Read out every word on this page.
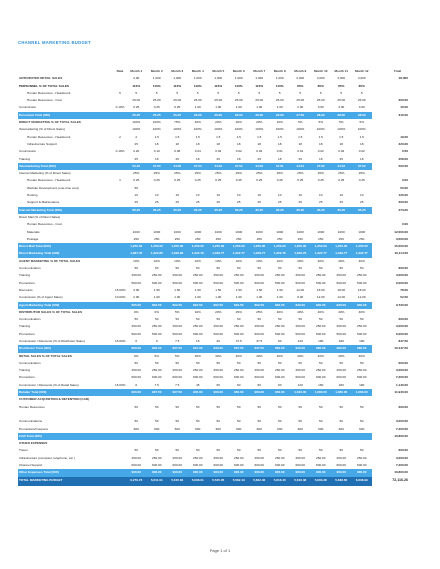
CHANNEL MARKETING BUDGET
	Rate	Month 1	Month 2	Month 3	Month 4	Month 5	Month 6	Month 7	Month 8	Month 9	Month 10	Month 11	Month 12	Total
ANTICIPATED RETAIL SALES		2,00	1,000	1,000	1,000	1,000	1,000	1,000	1,000	2,000	3,000	3,000	3,000	18,000
PERSONNEL % OF TOTAL SALES		116%	116%	116%	116%	116%	116%	116%	116%	85%	85%	85%	85%	
Human Resources - Headcount	5	5	5	5	5	5	5	5	5	5	5	5	5	
Human Resources - Cost		25.00	25.00	25.00	25.00	25.00	25.00	25.00	25.00	25.00	25.00	25.00	25.00	300.00
Commission	0.10%	0.25	0.25	0.25	1.00	1.00	1.00	1.00	1.00	2.00	3.00	3.00	3.00	16.00
Personnel Total (000)		25.25	25.25	25.25	26.00	26.00	26.00	26.00	26.00	27.00	28.00	28.00	28.00	316.00
DIRECT MARKETING % OF TOTAL SALES		100%	100%	75%	40%	20%	20%	20%	10%	5%	5%	5%	5%	
Telemarketing (% of Direct Sales)		100%	100%	100%	100%	100%	100%	100%	100%	100%	100%	100%	100%	
Human Resources - Headcount	2	2	1.5	1.5	1.5	1.5	1.5	1.5	1.5	1.5	1.5	1.5	1.5	19.00
Infrastructure Support		25	18	18	18	18	18	18	18	18	18	18	18	223.00
Commission	0.10%	0.20	0.10	0.08	0.04	0.02	0.02	0.02	0.01	0.01	0.02	0.02	0.02	0.56
Training		25	18	25	18	25	18	25	18	25	18	25	18	258.00
Telemarketing Total (000)		52.20	37.60	44.58	37.54	44.52	37.52	44.52	37.51	44.51	37.52	44.52	37.52	500.56
Internet Marketing (% of Direct Sales)		25%	25%	25%	25%	25%	25%	25%	25%	25%	25%	25%	25%	
Human Resources - Headcount	1	0.25	0.25	0.25	0.25	0.25	0.25	0.25	0.25	0.25	0.25	0.25	0.25	3.00
Website Development (one-time cost)		50												50.00
Hosting		10	10	10	10	10	10	10	10	10	10	10	10	120.00
Support & Maintenance		25	25	25	25	25	25	25	25	25	25	25	25	300.00
Internet Marketing Total (000)		85.25	35.25	35.25	35.25	35.25	35.25	35.25	35.25	35.25	35.25	35.25	35.25	473.00
Direct Mail (% of Direct Sales)														
Human Resources - Cost														0.00
Materials		1000	1000	1000	1000	1000	1000	1000	1000	1000	1000	1000	1000	12,000.00
Postage		250	250	250	250	250	250	250	250	250	250	250	250	3,000.00
Direct Mail Total (000)		1,250.00	1,250.00	1,250.00	1,250.00	1,250.00	1,250.00	1,250.00	1,250.00	1,250.00	1,250.00	1,250.00	1,250.00	15,000.00
Direct Marketing Total (000)		1,387.45	1,322.85	1,329.83	1,322.79	1,329.77	1,322.77	1,329.77	1,322.76	1,329.76	1,322.77	1,329.77	1,322.77	16,114.56
AGENT MARKETING % OF TOTAL SALES		10%	10%	10%	10%	10%	10%	10%	10%	40%	40%	40%	40%	
Communication		50	50	50	50	50	50	50	50	50	50	50	50	600.00
Training		250.00	250.00	250.00	250.00	250.00	250.00	250.00	250.00	250.00	250.00	250.00	250.00	3,000.00
Promotions		500.00	500.00	500.00	500.00	500.00	500.00	500.00	500.00	500.00	500.00	500.00	500.00	6,000.00
Discounts	15.00%	3.00	1.50	1.50	1.50	1.50	1.50	1.50	1.50	12.00	18.00	18.00	18.00	78.00
Commission (% of Agent Sales)	10.00%	2.00	1.00	1.00	1.00	1.00	1.00	1.00	1.00	8.00	12.00	12.00	12.00	52.00
Agent Marketing Total (000)		805.00	802.50	802.50	802.50	802.50	802.50	802.50	802.50	820.00	830.00	830.00	830.00	9,730.00
DISTRIBUTOR SALES % OF TOTAL SALES		0%	0%	5%	10%	20%	25%	25%	40%	40%	40%	40%	40%	
Communication		50	50	50	50	50	50	50	50	50	50	50	50	600.00
Training		250.00	250.00	250.00	250.00	250.00	250.00	250.00	250.00	250.00	250.00	250.00	250.00	3,000.00
Promotions		500.00	500.00	500.00	500.00	500.00	500.00	500.00	500.00	500.00	500.00	500.00	500.00	6,000.00
Commission / Discounts (% of Distributor Sales)	15.00%	0	0	7.5	15	30	37.5	37.5	60	120	180	180	180	847.50
Distributor Total (000)		800.00	800.00	807.50	815.00	830.00	837.50	837.50	860.00	920.00	980.00	980.00	980.00	10,447.50
RETAIL SALES % OF TOTAL SALES		0%	5%	5%	30%	40%	40%	40%	40%	40%	40%	40%	40%	
Communication		50	50	50	50	50	50	50	50	50	50	50	50	600.00
Training		250.00	250.00	250.00	250.00	250.00	250.00	250.00	250.00	250.00	250.00	250.00	250.00	3,000.00
Promotions		600.00	600.00	600.00	600.00	600.00	600.00	600.00	600.00	600.00	600.00	600.00	600.00	7,200.00
Commission / Discounts (% of Retail Sales)	15.00%	0	7.5	7.5	45	60	60	60	60	120	180	180	180	1,140.00
Retailer Total (000)		900.00	907.50	907.50	945.00	960.00	960.00	960.00	960.00	1,020.00	1,080.00	1,080.00	1,080.00	11,940.00
CUSTOMER ACQUISITION & RETENTION (CAR)														
Human Resources		50	50	50	50	50	50	50	50	50	50	50	50	600.00

Communications		50	50	50	50	50	50	50	50	50	50	50	50	3,000.00
Promotions/Coupons		600	600	600	600	600	600	600	600	600	600	600	600	7,200.00
CAR Total (000)														10,800.00
OTHER EXPENSES														
Travel		50	50	50	50	50	50	50	50	50	50	50	50	600.00
Infrastructure (computer, telephone, etc.)		250.00	250.00	250.00	250.00	250.00	250.00	250.00	250.00	250.00	250.00	250.00	250.00	3,000.00
Channel Support		600.00	600.00	600.00	600.00	600.00	600.00	600.00	600.00	600.00	600.00	600.00	600.00	7,200.00
Other Expenses Total (000)		900.00	900.00	900.00	900.00	900.00	900.00	900.00	900.00	900.00	900.00	900.00	900.00	10,800.00
TOTAL MARKETING BUDGET		6,279.73	5,611.01	5,615.84	5,638.01	5,545.05	5,582.13	5,602.46	5,616.40	5,616.38	5,603.28	5,638.60	6,638.93	72,116.26
Page 1 of 1
